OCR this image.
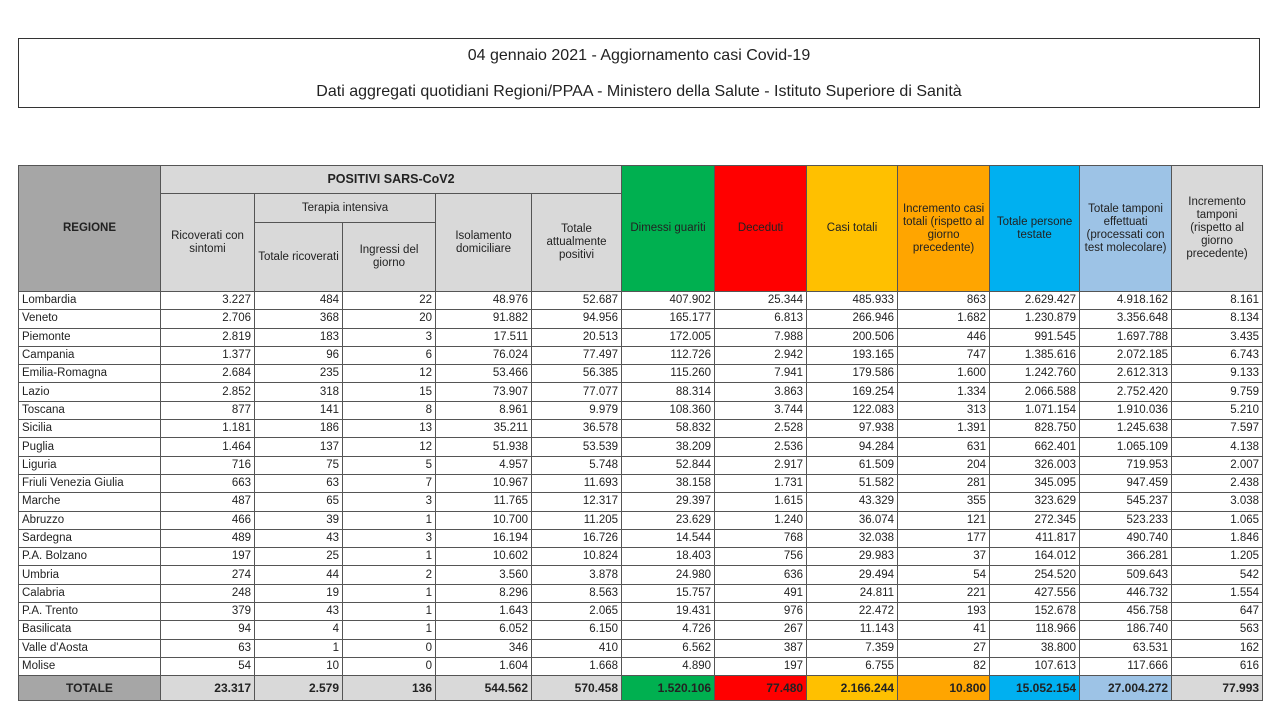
04 gennaio 2021 - Aggiornamento casi Covid-19
Dati aggregati quotidiani Regioni/PPAA - Ministero della Salute - Istituto Superiore di Sanità
REGIONE	POSITIVI SARS-CoV2					Dimessi guariti	Deceduti	Casi totali	Incremento casi totali (rispetto al giorno precedente)	Totale persone testate	Totale tamponi effettuati (processati con test molecolare)	Incremento tamponi (rispetto al giorno precedente)
	Ricoverati con sintomi	Terapia intensiva		Isolamento domiciliare	Totale attualmente positivi							
		Totale ricoverati	Ingressi del giorno									
Lombardia	3.227	484	22	48.976	52.687	407.902	25.344	485.933	863	2.629.427	4.918.162	8.161
Veneto	2.706	368	20	91.882	94.956	165.177	6.813	266.946	1.682	1.230.879	3.356.648	8.134
Piemonte	2.819	183	3	17.511	20.513	172.005	7.988	200.506	446	991.545	1.697.788	3.435
Campania	1.377	96	6	76.024	77.497	112.726	2.942	193.165	747	1.385.616	2.072.185	6.743
Emilia-Romagna	2.684	235	12	53.466	56.385	115.260	7.941	179.586	1.600	1.242.760	2.612.313	9.133
Lazio	2.852	318	15	73.907	77.077	88.314	3.863	169.254	1.334	2.066.588	2.752.420	9.759
Toscana	877	141	8	8.961	9.979	108.360	3.744	122.083	313	1.071.154	1.910.036	5.210
Sicilia	1.181	186	13	35.211	36.578	58.832	2.528	97.938	1.391	828.750	1.245.638	7.597
Puglia	1.464	137	12	51.938	53.539	38.209	2.536	94.284	631	662.401	1.065.109	4.138
Liguria	716	75	5	4.957	5.748	52.844	2.917	61.509	204	326.003	719.953	2.007
Friuli Venezia Giulia	663	63	7	10.967	11.693	38.158	1.731	51.582	281	345.095	947.459	2.438
Marche	487	65	3	11.765	12.317	29.397	1.615	43.329	355	323.629	545.237	3.038
Abruzzo	466	39	1	10.700	11.205	23.629	1.240	36.074	121	272.345	523.233	1.065
Sardegna	489	43	3	16.194	16.726	14.544	768	32.038	177	411.817	490.740	1.846
P.A. Bolzano	197	25	1	10.602	10.824	18.403	756	29.983	37	164.012	366.281	1.205
Umbria	274	44	2	3.560	3.878	24.980	636	29.494	54	254.520	509.643	542
Calabria	248	19	1	8.296	8.563	15.757	491	24.811	221	427.556	446.732	1.554
P.A. Trento	379	43	1	1.643	2.065	19.431	976	22.472	193	152.678	456.758	647
Basilicata	94	4	1	6.052	6.150	4.726	267	11.143	41	118.966	186.740	563
Valle d'Aosta	63	1	0	346	410	6.562	387	7.359	27	38.800	63.531	162
Molise	54	10	0	1.604	1.668	4.890	197	6.755	82	107.613	117.666	616
TOTALE	23.317	2.579	136	544.562	570.458	1.520.106	77.480	2.166.244	10.800	15.052.154	27.004.272	77.993
